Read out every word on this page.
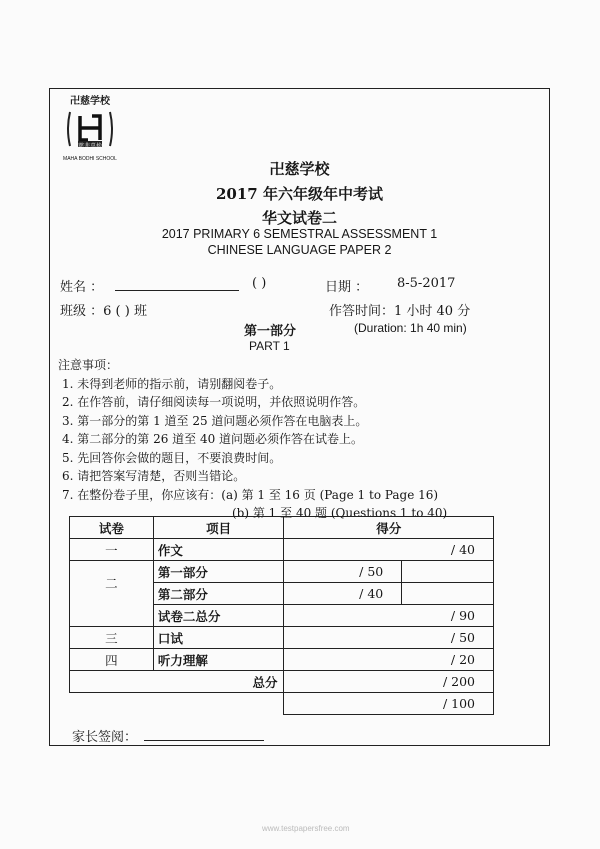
卍慈学校
慈悲喜捨
MAHA BODHI SCHOOL
卍慈学校
2017 年六年级年中考试
华文试卷二
2017 PRIMARY 6 SEMESTRAL ASSESSMENT 1
CHINESE LANGUAGE PAPER 2
姓名 ：	( )	日期 ： 8-5-2017
班级 ：6 ( ) 班	作答时间：1 小时 40 分
第一部分	(Duration: 1h 40 min)
PART 1
注意事项：
1. 未得到老师的指示前，请别翻阅卷子。
2. 在作答前，请仔细阅读每一项说明，并依照说明作答。
3. 第一部分的第 1 道至 25 道问题必须作答在电脑表上。
4. 第二部分的第 26 道至 40 道问题必须作答在试卷上。
5. 先回答你会做的题目，不要浪费时间。
6. 请把答案写清楚，否则当错论。
7. 在整份卷子里，你应该有：(a) 第 1 至 16 页 (Page 1 to Page 16)
(b) 第 1 至 40 题 (Questions 1 to 40)
试卷	项目	得分	
一	作文	/ 40	
二	第一部分	/ 50	
	第二部分	/ 40	
	试卷二总分	/ 90	
三	口试	/ 50	
四	听力理解	/ 20	
总分		/ 200	
		/ 100	
家长签阅：
www.testpapersfree.com
